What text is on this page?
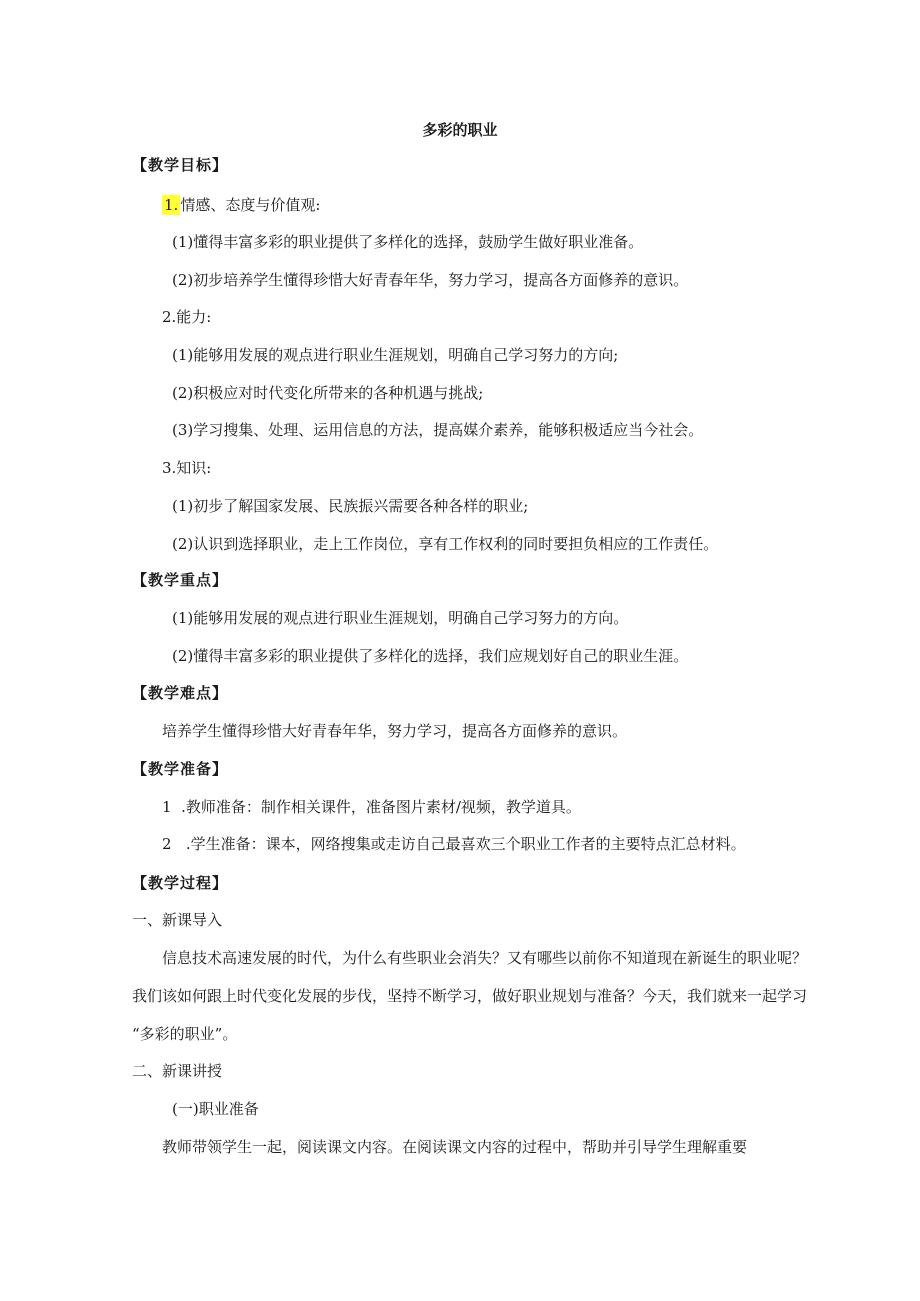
多彩的职业
【教学目标】
1. 情感、态度与价值观:
(1)懂得丰富多彩的职业提供了多样化的选择，鼓励学生做好职业准备。
(2)初步培养学生懂得珍惜大好青春年华，努力学习，提高各方面修养的意识。
2.能力:
(1)能够用发展的观点进行职业生涯规划，明确自己学习努力的方向;
(2)积极应对时代变化所带来的各种机遇与挑战;
(3)学习搜集、处理、运用信息的方法，提高媒介素养，能够积极适应当今社会。
3.知识:
(1)初步了解国家发展、民族振兴需要各种各样的职业;
(2)认识到选择职业，走上工作岗位，享有工作权利的同时要担负相应的工作责任。
【教学重点】
(1)能够用发展的观点进行职业生涯规划，明确自己学习努力的方向。
(2)懂得丰富多彩的职业提供了多样化的选择，我们应规划好自己的职业生涯。
【教学难点】
培养学生懂得珍惜大好青春年华，努力学习，提高各方面修养的意识。
【教学准备】
1  .教师准备：制作相关课件，准备图片素材/视频，教学道具。
2   .学生准备：课本，网络搜集或走访自己最喜欢三个职业工作者的主要特点汇总材料。
【教学过程】
一、新课导入
信息技术高速发展的时代，为什么有些职业会消失？又有哪些以前你不知道现在新诞生的职业呢？
我们该如何跟上时代变化发展的步伐，坚持不断学习，做好职业规划与准备？今天，我们就来一起学习
“多彩的职业”。
二、新课讲授
(一)职业准备
教师带领学生一起，阅读课文内容。在阅读课文内容的过程中，帮助并引导学生理解重要
